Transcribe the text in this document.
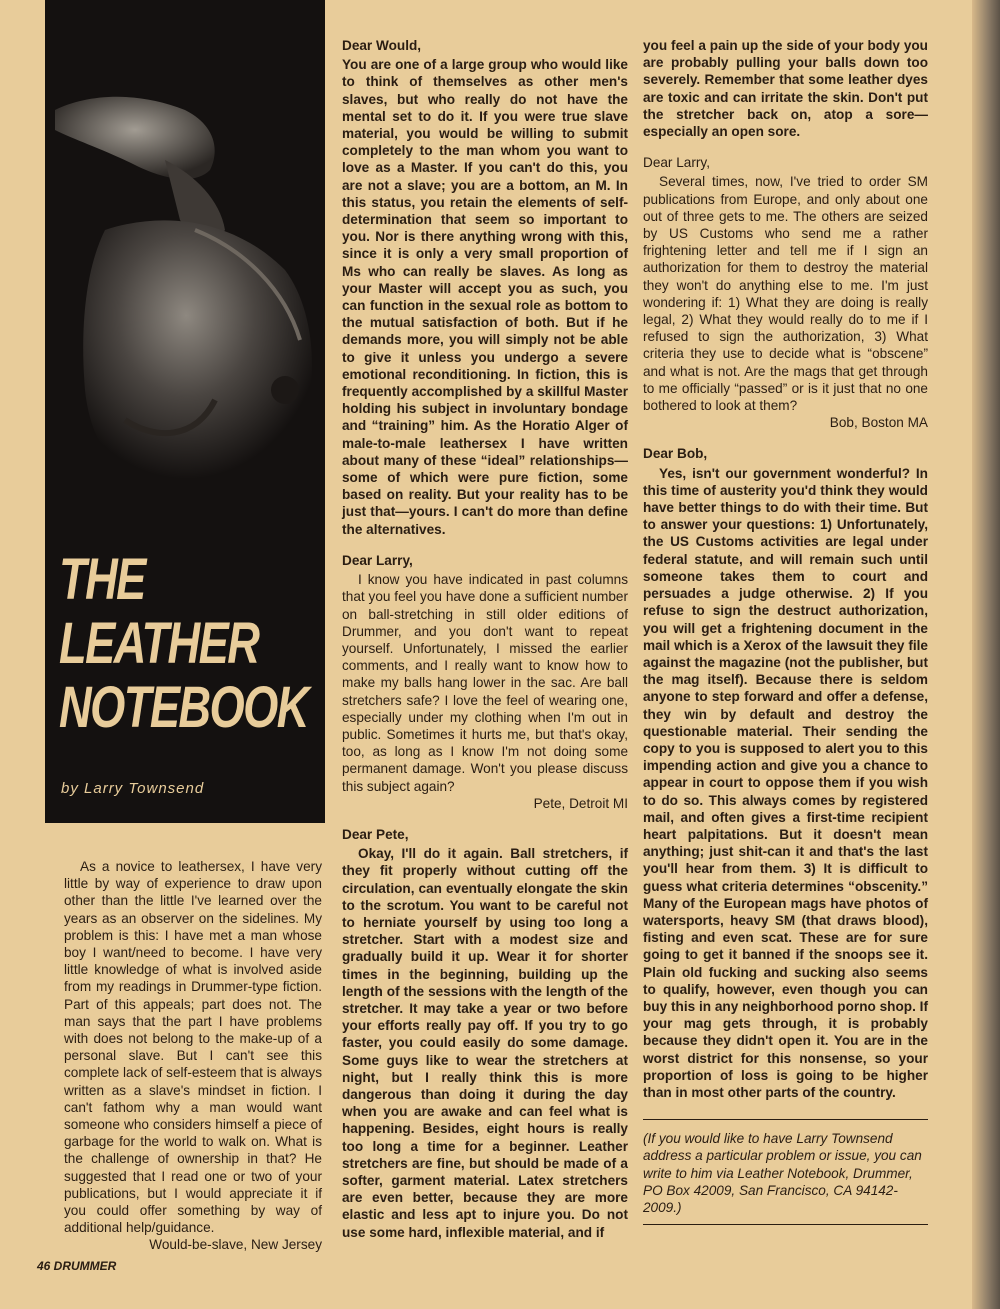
THE
LEATHER
NOTEBOOK
by Larry Townsend

As a novice to leathersex, I have very little by way of experience to draw upon other than the little I've learned over the years as an observer on the sidelines. My problem is this: I have met a man whose boy I want/need to become. I have very little knowledge of what is involved aside from my readings in Drummer-type fiction. Part of this appeals; part does not. The man says that the part I have problems with does not belong to the make-up of a personal slave. But I can't see this complete lack of self-esteem that is always written as a slave's mindset in fiction. I can't fathom why a man would want someone who considers himself a piece of garbage for the world to walk on. What is the challenge of ownership in that? He suggested that I read one or two of your publications, but I would appreciate it if you could offer something by way of additional help/guidance.

Would-be-slave, New Jersey

Dear Would,

You are one of a large group who would like to think of themselves as other men's slaves, but who really do not have the mental set to do it. If you were true slave material, you would be willing to submit completely to the man whom you want to love as a Master. If you can't do this, you are not a slave; you are a bottom, an M. In this status, you retain the elements of self-determination that seem so important to you. Nor is there anything wrong with this, since it is only a very small proportion of Ms who can really be slaves. As long as your Master will accept you as such, you can function in the sexual role as bottom to the mutual satisfaction of both. But if he demands more, you will simply not be able to give it unless you undergo a severe emotional reconditioning. In fiction, this is frequently accomplished by a skillful Master holding his subject in involuntary bondage and “training” him. As the Horatio Alger of male-to-male leathersex I have written about many of these “ideal” relationships—some of which were pure fiction, some based on reality. But your reality has to be just that—yours. I can't do more than define the alternatives.

Dear Larry,

I know you have indicated in past columns that you feel you have done a sufficient number on ball-stretching in still older editions of Drummer, and you don't want to repeat yourself. Unfortunately, I missed the earlier comments, and I really want to know how to make my balls hang lower in the sac. Are ball stretchers safe? I love the feel of wearing one, especially under my clothing when I'm out in public. Sometimes it hurts me, but that's okay, too, as long as I know I'm not doing some permanent damage. Won't you please discuss this subject again?

Pete, Detroit MI

Dear Pete,

Okay, I'll do it again. Ball stretchers, if they fit properly without cutting off the circulation, can eventually elongate the skin to the scrotum. You want to be careful not to herniate yourself by using too long a stretcher. Start with a modest size and gradually build it up. Wear it for shorter times in the beginning, building up the length of the sessions with the length of the stretcher. It may take a year or two before your efforts really pay off. If you try to go faster, you could easily do some damage. Some guys like to wear the stretchers at night, but I really think this is more dangerous than doing it during the day when you are awake and can feel what is happening. Besides, eight hours is really too long a time for a beginner. Leather stretchers are fine, but should be made of a softer, garment material. Latex stretchers are even better, because they are more elastic and less apt to injure you. Do not use some hard, inflexible material, and if

you feel a pain up the side of your body you are probably pulling your balls down too severely. Remember that some leather dyes are toxic and can irritate the skin. Don't put the stretcher back on, atop a sore—especially an open sore.

Dear Larry,

Several times, now, I've tried to order SM publications from Europe, and only about one out of three gets to me. The others are seized by US Customs who send me a rather frightening letter and tell me if I sign an authorization for them to destroy the material they won't do anything else to me. I'm just wondering if: 1) What they are doing is really legal, 2) What they would really do to me if I refused to sign the authorization, 3) What criteria they use to decide what is “obscene” and what is not. Are the mags that get through to me officially “passed” or is it just that no one bothered to look at them?

Bob, Boston MA

Dear Bob,

Yes, isn't our government wonderful? In this time of austerity you'd think they would have better things to do with their time. But to answer your questions: 1) Unfortunately, the US Customs activities are legal under federal statute, and will remain such until someone takes them to court and persuades a judge otherwise. 2) If you refuse to sign the destruct authorization, you will get a frightening document in the mail which is a Xerox of the lawsuit they file against the magazine (not the publisher, but the mag itself). Because there is seldom anyone to step forward and offer a defense, they win by default and destroy the questionable material. Their sending the copy to you is supposed to alert you to this impending action and give you a chance to appear in court to oppose them if you wish to do so. This always comes by registered mail, and often gives a first-time recipient heart palpitations. But it doesn't mean anything; just shit-can it and that's the last you'll hear from them. 3) It is difficult to guess what criteria determines “obscenity.” Many of the European mags have photos of watersports, heavy SM (that draws blood), fisting and even scat. These are for sure going to get it banned if the snoops see it. Plain old fucking and sucking also seems to qualify, however, even though you can buy this in any neighborhood porno shop. If your mag gets through, it is probably because they didn't open it. You are in the worst district for this nonsense, so your proportion of loss is going to be higher than in most other parts of the country.

(If you would like to have Larry Townsend address a particular problem or issue, you can write to him via Leather Notebook, Drummer, PO Box 42009, San Francisco, CA 94142-2009.)

46 DRUMMER
